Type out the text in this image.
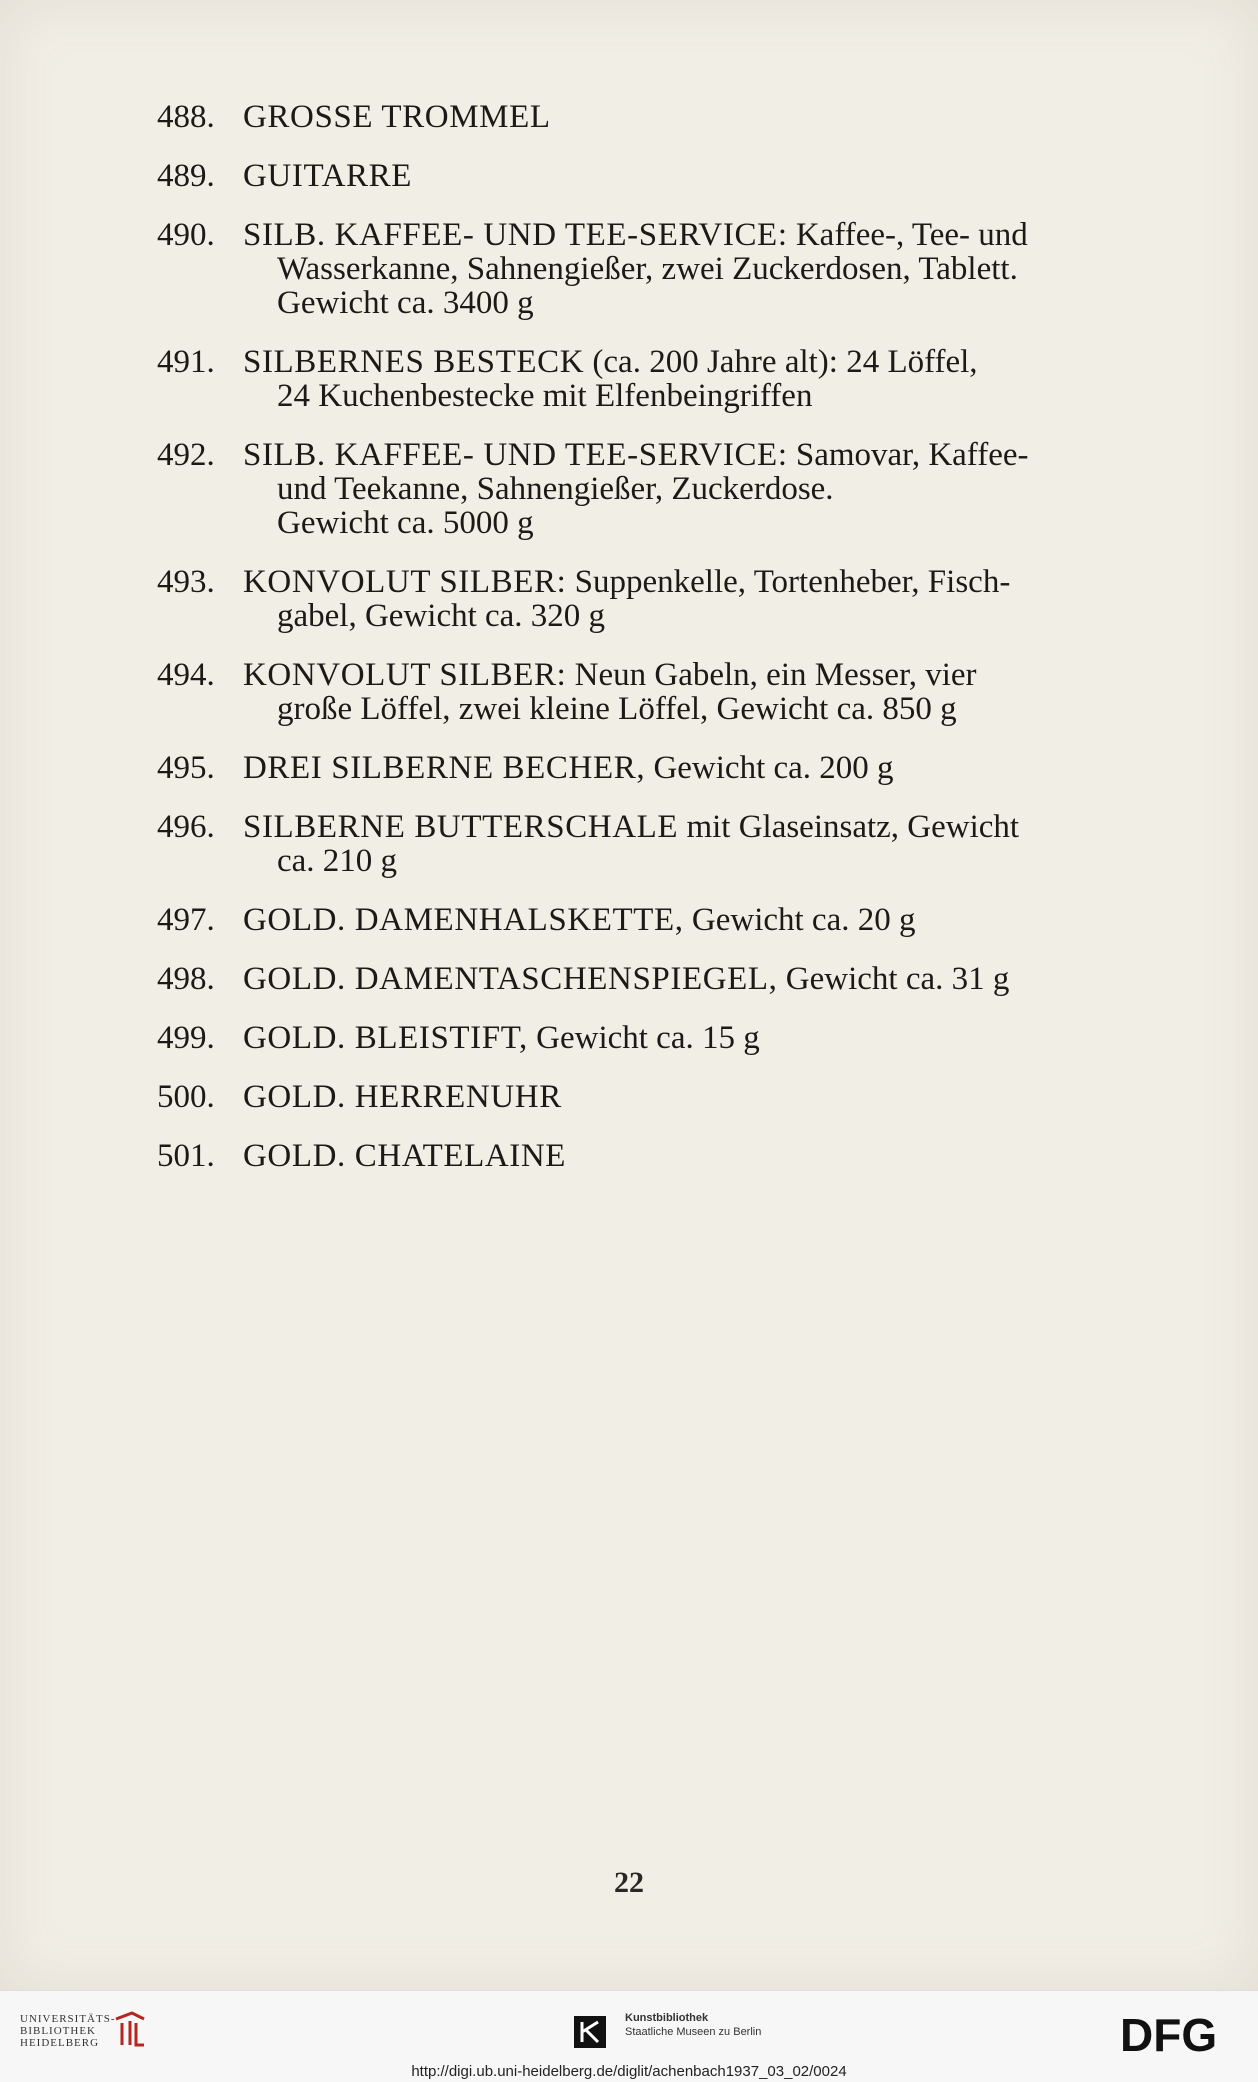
488. GROSSE TROMMEL
489. GUITARRE
490. SILB. KAFFEE- UND TEE-SERVICE: Kaffee-, Tee- und
Wasserkanne, Sahnengießer, zwei Zuckerdosen, Tablett.
Gewicht ca. 3400 g
491. SILBERNES BESTECK (ca. 200 Jahre alt): 24 Löffel,
24 Kuchenbestecke mit Elfenbeingriffen
492. SILB. KAFFEE- UND TEE-SERVICE: Samovar, Kaffee-
und Teekanne, Sahnengießer, Zuckerdose.
Gewicht ca. 5000 g
493. KONVOLUT SILBER: Suppenkelle, Tortenheber, Fisch-
gabel, Gewicht ca. 320 g
494. KONVOLUT SILBER: Neun Gabeln, ein Messer, vier
große Löffel, zwei kleine Löffel, Gewicht ca. 850 g
495. DREI SILBERNE BECHER, Gewicht ca. 200 g
496. SILBERNE BUTTERSCHALE mit Glaseinsatz, Gewicht
ca. 210 g
497. GOLD. DAMENHALSKETTE, Gewicht ca. 20 g
498. GOLD. DAMENTASCHENSPIEGEL, Gewicht ca. 31 g
499. GOLD. BLEISTIFT, Gewicht ca. 15 g
500. GOLD. HERRENUHR
501. GOLD. CHATELAINE
22
UNIVERSITÄTS-
BIBLIOTHEK
HEIDELBERG
Kunstbibliothek
Staatliche Museen zu Berlin	DFG
http://digi.ub.uni-heidelberg.de/diglit/achenbach1937_03_02/0024
